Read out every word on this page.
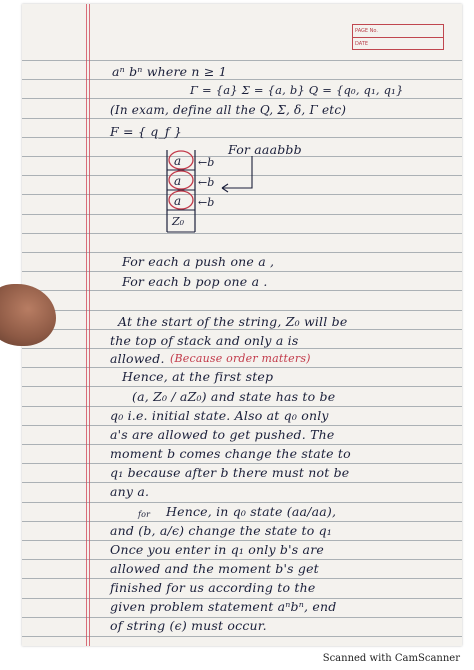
PAGE No.
DATE
aⁿ bⁿ where n ≥ 1
Γ = {a} Σ = {a, b} Q = {q₀, q₁, q₁}
(In exam, define all the Q, Σ, δ, Γ etc)
F = { q_f }
For aaabbb
a
a
a
Z₀
←b
←b
←b
For each a push one a ,
For each b pop one a .
At the start of the string, Z₀ will be
the top of stack and only a is
allowed. (Because order matters)
Hence, at the first step
(a, Z₀ / aZ₀) and state has to be
q₀ i.e. initial state. Also at q₀ only
a's are allowed to get pushed. The
moment b comes change the state to
q₁ because after b there must not be
any a.
Hence, in q₀ state (aa/aa),
and (b, a/ϵ) change the state to q₁
for
Once you enter in q₁ only b's are
allowed and the moment b's get
finished for us according to the
given problem statement aⁿbⁿ, end
of string (ϵ) must occur.
Scanned with CamScanner
